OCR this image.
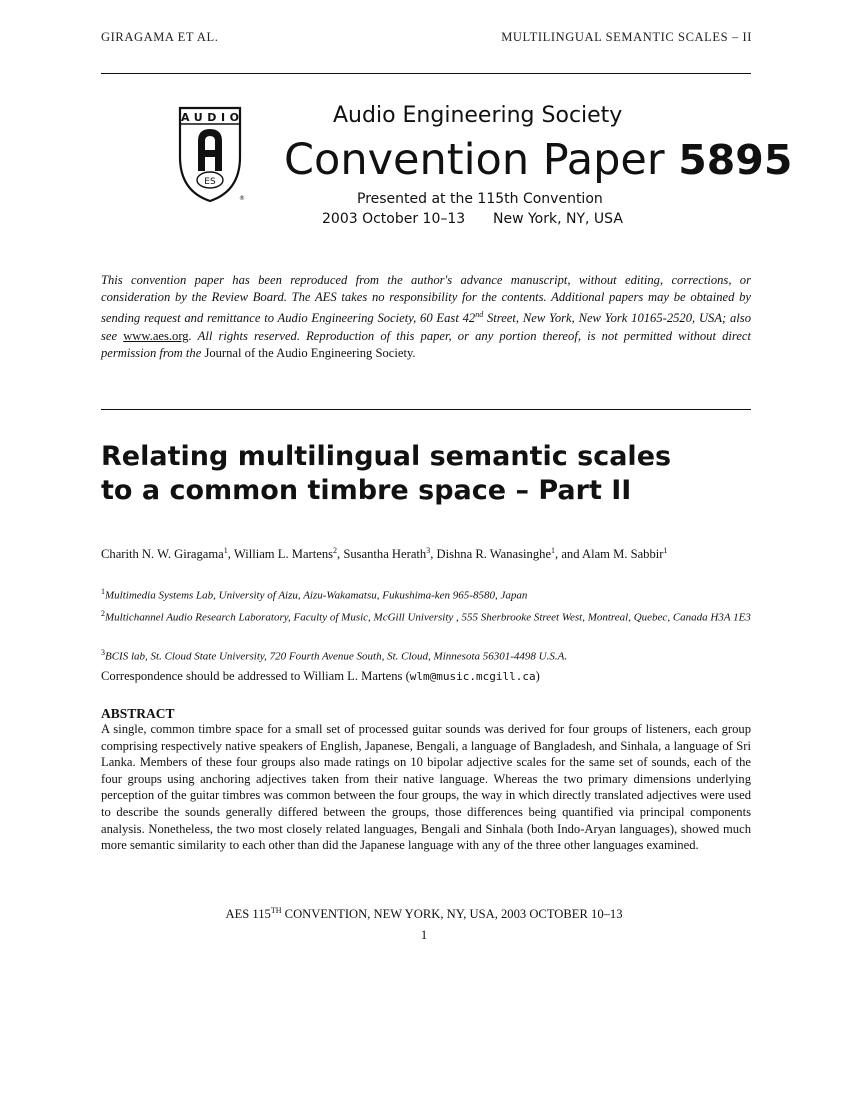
GIRAGAMA ET AL.	MULTILINGUAL SEMANTIC SCALES – II
AUDIO
ES
®
Audio Engineering Society
Convention Paper 5895
Presented at the 115th Convention
2003 October 10–13 New York, NY, USA
This convention paper has been reproduced from the author's advance manuscript, without editing, corrections, or consideration by the Review Board. The AES takes no responsibility for the contents. Additional papers may be obtained by sending request and remittance to Audio Engineering Society, 60 East 42nd Street, New York, New York 10165-2520, USA; also see www.aes.org. All rights reserved. Reproduction of this paper, or any portion thereof, is not permitted without direct permission from the Journal of the Audio Engineering Society.
Relating multilingual semantic scales
to a common timbre space – Part II
Charith N. W. Giragama$^1$, William L. Martens$^2$, Susantha Herath$^3$, Dishna R. Wanasinghe$^1$, and Alam M. Sabbir$^1$
$^1$Multimedia Systems Lab, University of Aizu, Aizu-Wakamatsu, Fukushima-ken 965-8580, Japan
$^2$Multichannel Audio Research Laboratory, Faculty of Music, McGill University , 555 Sherbrooke Street West, Montreal, Quebec, Canada H3A 1E3
$^3$BCIS lab, St. Cloud State University, 720 Fourth Avenue South, St. Cloud, Minnesota 56301-4498 U.S.A.
Correspondence should be addressed to William L. Martens (wlm@music.mcgill.ca)
ABSTRACT
A single, common timbre space for a small set of processed guitar sounds was derived for four groups of listeners, each group comprising respectively native speakers of English, Japanese, Bengali, a language of Bangladesh, and Sinhala, a language of Sri Lanka. Members of these four groups also made ratings on 10 bipolar adjective scales for the same set of sounds, each of the four groups using anchoring adjectives taken from their native language. Whereas the two primary dimensions underlying perception of the guitar timbres was common between the four groups, the way in which directly translated adjectives were used to describe the sounds generally differed between the groups, those differences being quantified via principal components analysis. Nonetheless, the two most closely related languages, Bengali and Sinhala (both Indo-Aryan languages), showed much more semantic similarity to each other than did the Japanese language with any of the three other languages examined.
AES 115TH CONVENTION, NEW YORK, NY, USA, 2003 OCTOBER 10–13
1
